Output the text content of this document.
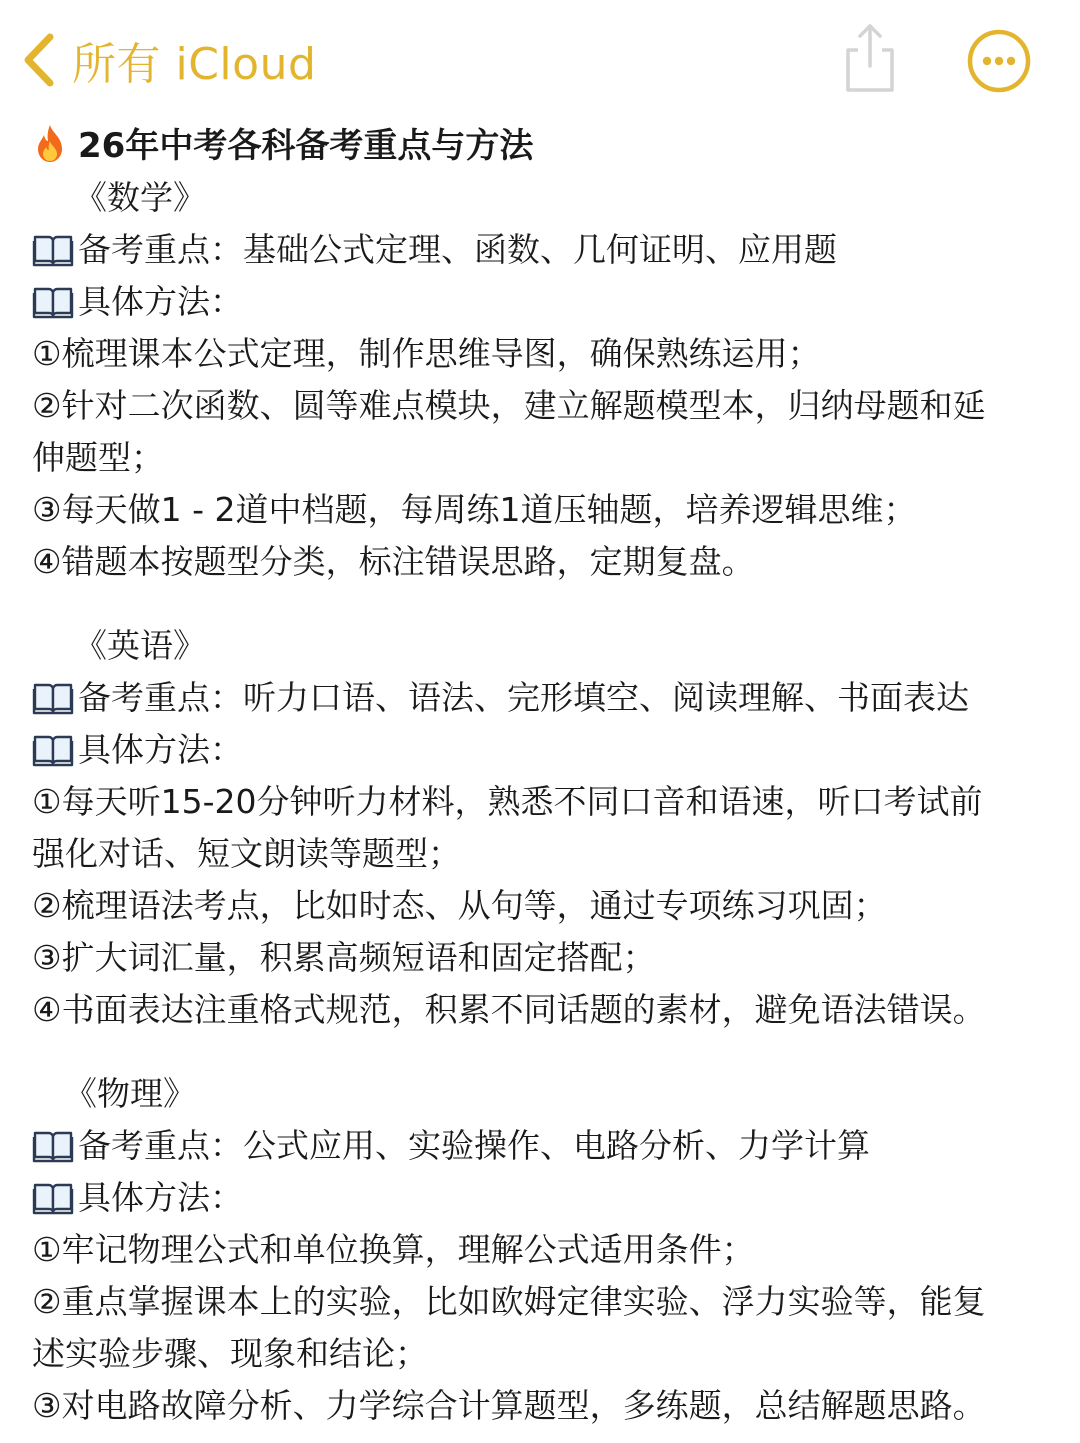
所有 iCloud
26年中考各科备考重点与方法
《数学》
备考重点：基础公式定理、函数、几何证明、应用题
具体方法：
①梳理课本公式定理，制作思维导图，确保熟练运用；
②针对二次函数、圆等难点模块，建立解题模型本，归纳母题和延
伸题型；
③每天做1 - 2道中档题，每周练1道压轴题，培养逻辑思维；
④错题本按题型分类，标注错误思路，定期复盘。
《英语》
备考重点：听力口语、语法、完形填空、阅读理解、书面表达
具体方法：
①每天听15-20分钟听力材料，熟悉不同口音和语速，听口考试前
强化对话、短文朗读等题型；
②梳理语法考点，比如时态、从句等，通过专项练习巩固；
③扩大词汇量，积累高频短语和固定搭配；
④书面表达注重格式规范，积累不同话题的素材，避免语法错误。
《物理》
备考重点：公式应用、实验操作、电路分析、力学计算
具体方法：
①牢记物理公式和单位换算，理解公式适用条件；
②重点掌握课本上的实验，比如欧姆定律实验、浮力实验等，能复
述实验步骤、现象和结论；
③对电路故障分析、力学综合计算题型，多练题，总结解题思路。
